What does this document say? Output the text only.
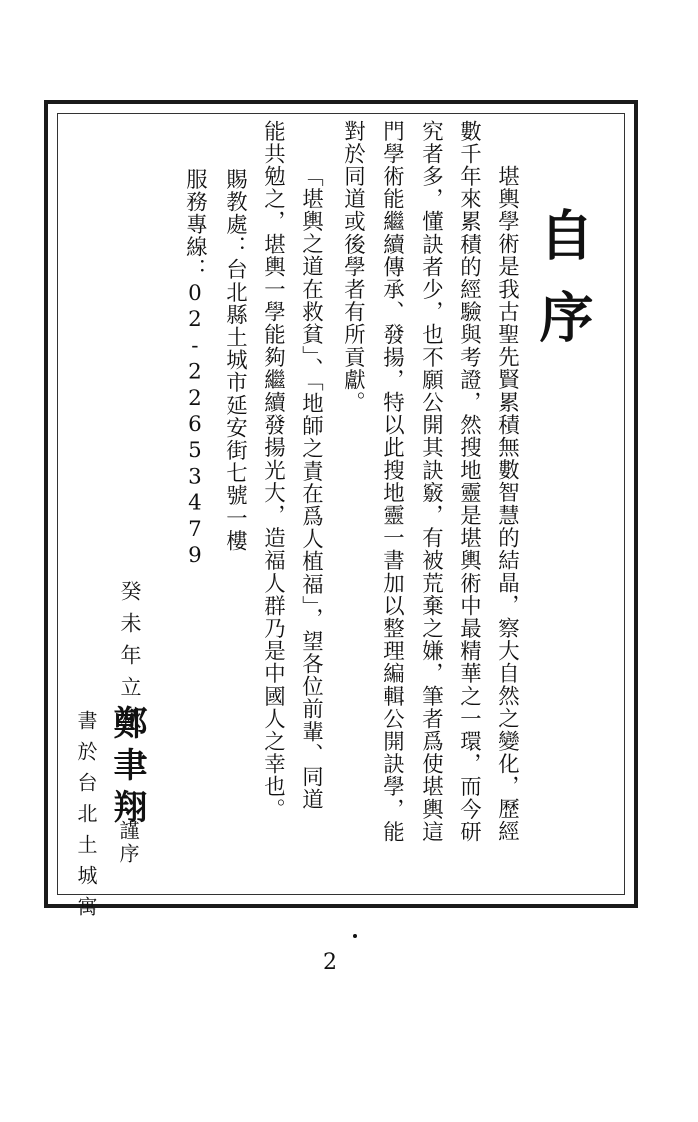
自序
堪輿學術是我古聖先賢累積無數智慧的結晶，察大自然之變化，歷經
數千年來累積的經驗與考證，然搜地靈是堪輿術中最精華之一環，而今研
究者多，懂訣者少，也不願公開其訣竅，有被荒棄之嫌，筆者爲使堪輿這
門學術能繼續傳承、發揚，特以此搜地靈一書加以整理編輯公開訣學，能
對於同道或後學者有所貢獻。
「堪輿之道在救貧」、「地師之責在爲人植福」，望各位前輩、同道
能共勉之，堪輿一學能夠繼續發揚光大，造福人群乃是中國人之幸也。
賜教處：台北縣土城市延安街七號一樓
服務專線：02-22653479
癸未年立秋
鄭聿翔
謹序
書於台北土城寓
2
